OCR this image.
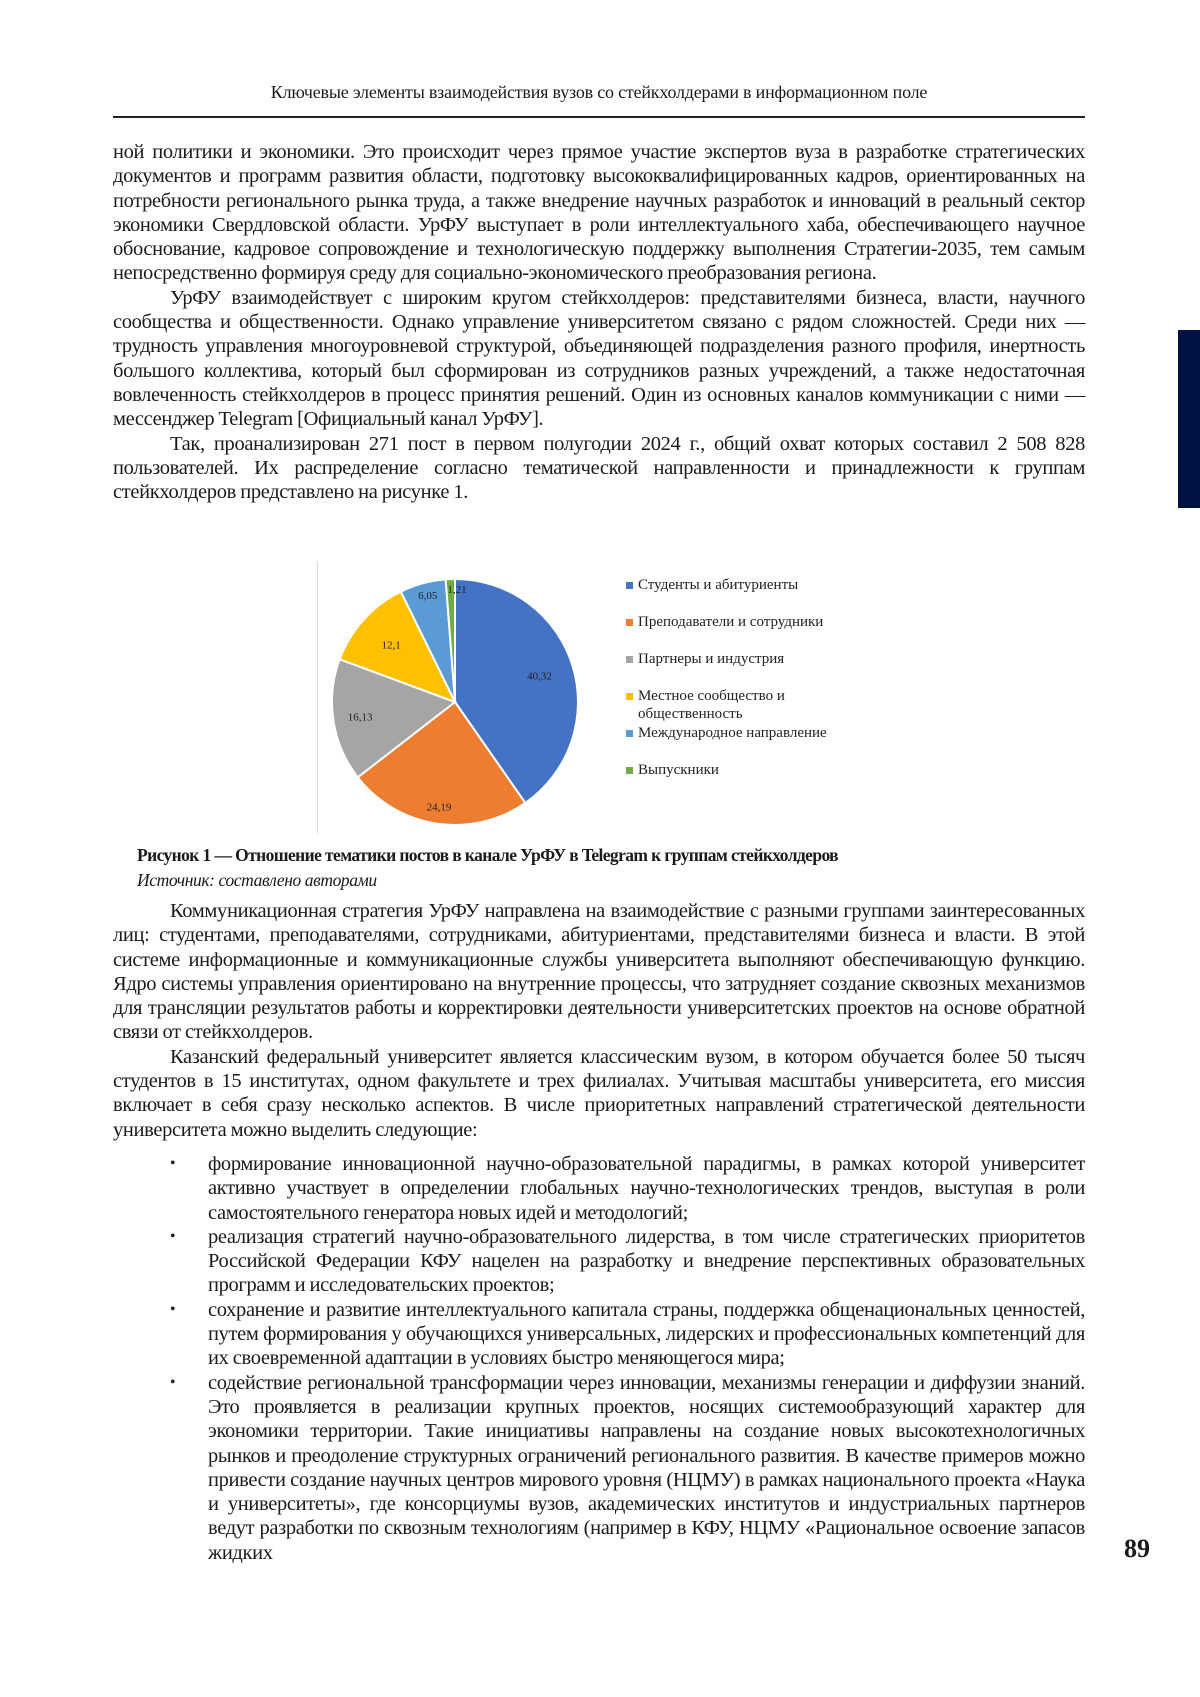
Ключевые элементы взаимодействия вузов со стейкхолдерами в информационном поле

ной политики и экономики. Это происходит через прямое участие экспертов вуза в разработке стратегических документов и программ развития области, подготовку высококвалифицированных кадров, ориентированных на потребности регионального рынка труда, а также внедрение научных разработок и инноваций в реальный сектор экономики Свердловской области. УрФУ выступает в роли интеллектуального хаба, обеспечивающего научное обоснование, кадровое сопровождение и технологическую поддержку выполнения Стратегии-2035, тем самым непосредственно формируя среду для социально-экономического преобразования региона.

УрФУ взаимодействует с широким кругом стейкхолдеров: представителями бизнеса, власти, научного сообщества и общественности. Однако управление университетом связано с рядом сложностей. Среди них — трудность управления многоуровневой структурой, объединяющей подразделения разного профиля, инертность большого коллектива, который был сформирован из сотрудников разных учреждений, а также недостаточная вовлеченность стейкхолдеров в процесс принятия решений. Один из основных каналов коммуникации с ними — мессенджер Telegram [Официальный канал УрФУ].

Так, проанализирован 271 пост в первом полугодии 2024 г., общий охват которых составил 2 508 828 пользователей. Их распределение согласно тематической направленности и принадлежности к группам стейкхолдеров представлено на рисунке 1.

40,32
24,19
16,13
12,1
6,05 1,21	Студенты и абитуриенты
Преподаватели и сотрудники
Партнеры и индустрия
Местное сообщество и
общественность
Международное направление
Выпускники
Рисунок 1 — Отношение тематики постов в канале УрФУ в Telegram к группам стейкхолдеров
Источник: составлено авторами

Коммуникационная стратегия УрФУ направлена на взаимодействие с разными группами заинтересованных лиц: студентами, преподавателями, сотрудниками, абитуриентами, представителями бизнеса и власти. В этой системе информационные и коммуникационные службы университета выполняют обеспечивающую функцию. Ядро системы управления ориентировано на внутренние процессы, что затрудняет создание сквозных механизмов для трансляции результатов работы и корректировки деятельности университетских проектов на основе обратной связи от стейкхолдеров.

Казанский федеральный университет является классическим вузом, в котором обучается более 50 тысяч студентов в 15 институтах, одном факультете и трех филиалах. Учитывая масштабы университета, его миссия включает в себя сразу несколько аспектов. В числе приоритетных направлений стратегической деятельности университета можно выделить следующие:

• формирование инновационной научно-образовательной парадигмы, в рамках которой университет активно участвует в определении глобальных научно-технологических трендов, выступая в роли самостоятельного генератора новых идей и методологий;
• реализация стратегий научно-образовательного лидерства, в том числе стратегических приоритетов Российской Федерации КФУ нацелен на разработку и внедрение перспективных образовательных программ и исследовательских проектов;
• сохранение и развитие интеллектуального капитала страны, поддержка общенациональных ценностей, путем формирования у обучающихся универсальных, лидерских и профессиональных компетенций для их своевременной адаптации в условиях быстро меняющегося мира;
• содействие региональной трансформации через инновации, механизмы генерации и диффузии знаний. Это проявляется в реализации крупных проектов, носящих системообразующий характер для экономики территории. Такие инициативы направлены на создание новых высокотехнологичных рынков и преодоление структурных ограничений регионального развития. В качестве примеров можно привести создание научных центров мирового уровня (НЦМУ) в рамках национального проекта «Наука и университеты», где консорциумы вузов, академических институтов и индустриальных партнеров ведут разработки по сквозным технологиям (например в КФУ, НЦМУ «Рациональное освоение запасов жидких	89
